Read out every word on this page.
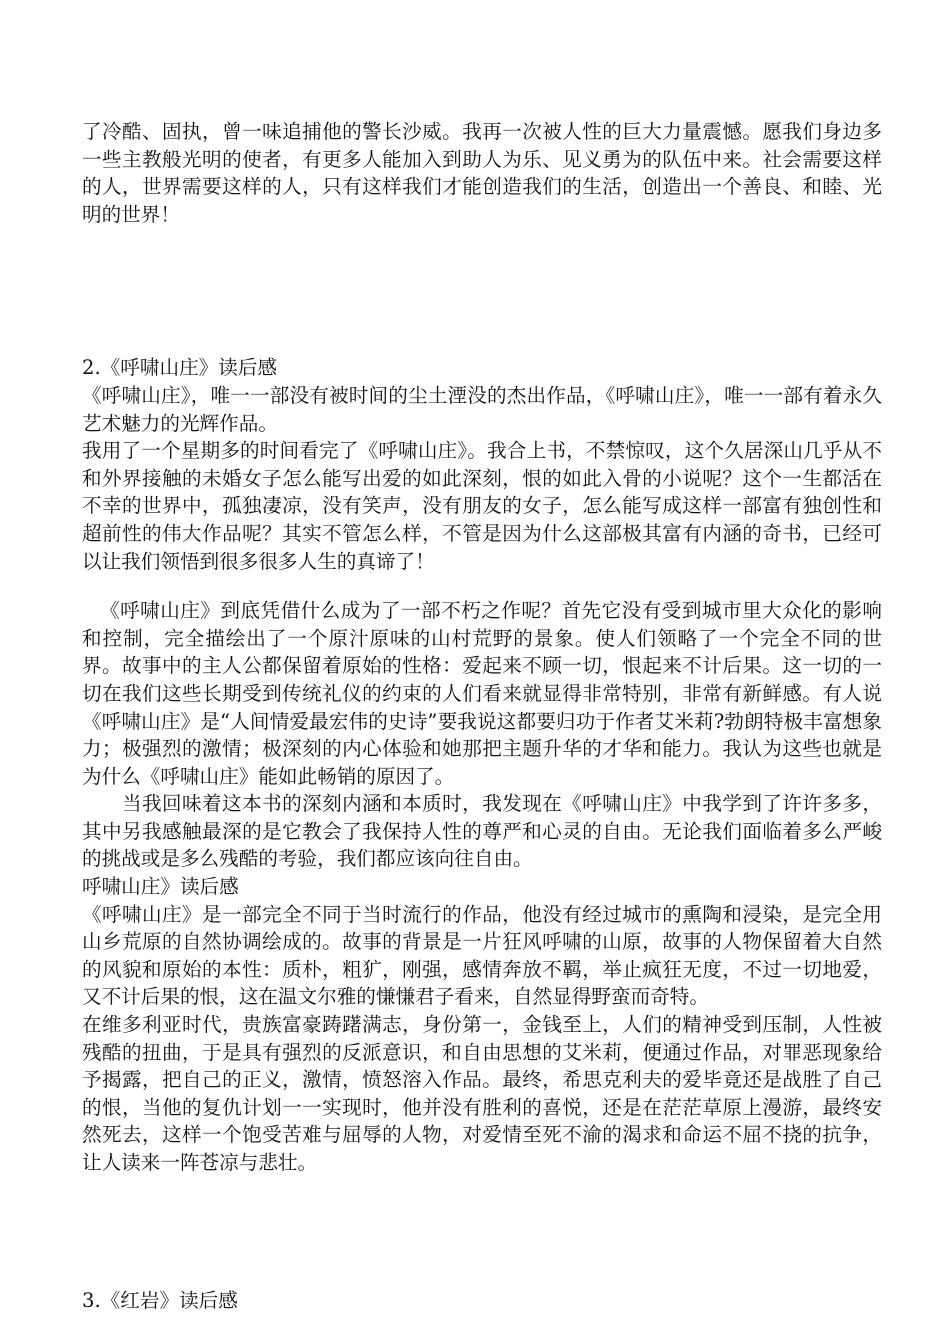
了冷酷、固执，曾一味追捕他的警长沙威。我再一次被人性的巨大力量震憾。愿我们身边多一些主教般光明的使者，有更多人能加入到助人为乐、见义勇为的队伍中来。社会需要这样的人，世界需要这样的人，只有这样我们才能创造我们的生活，创造出一个善良、和睦、光明的世界！

2.《呼啸山庄》读后感

《呼啸山庄》，唯一一部没有被时间的尘土湮没的杰出作品，《呼啸山庄》，唯一一部有着永久艺术魅力的光辉作品。

我用了一个星期多的时间看完了《呼啸山庄》。我合上书，不禁惊叹，这个久居深山几乎从不和外界接触的未婚女子怎么能写出爱的如此深刻，恨的如此入骨的小说呢？这个一生都活在不幸的世界中，孤独凄凉，没有笑声，没有朋友的女子，怎么能写成这样一部富有独创性和超前性的伟大作品呢？其实不管怎么样，不管是因为什么这部极其富有内涵的奇书，已经可以让我们领悟到很多很多人生的真谛了！

《呼啸山庄》到底凭借什么成为了一部不朽之作呢？首先它没有受到城市里大众化的影响和控制，完全描绘出了一个原汁原味的山村荒野的景象。使人们领略了一个完全不同的世界。故事中的主人公都保留着原始的性格：爱起来不顾一切，恨起来不计后果。这一切的一切在我们这些长期受到传统礼仪的约束的人们看来就显得非常特别，非常有新鲜感。有人说《呼啸山庄》是“人间情爱最宏伟的史诗”要我说这都要归功于作者艾米莉?勃朗特极丰富想象力；极强烈的激情；极深刻的内心体验和她那把主题升华的才华和能力。我认为这些也就是为什么《呼啸山庄》能如此畅销的原因了。

当我回味着这本书的深刻内涵和本质时，我发现在《呼啸山庄》中我学到了许许多多，其中另我感触最深的是它教会了我保持人性的尊严和心灵的自由。无论我们面临着多么严峻的挑战或是多么残酷的考验，我们都应该向往自由。

呼啸山庄》读后感

《呼啸山庄》是一部完全不同于当时流行的作品，他没有经过城市的熏陶和浸染，是完全用山乡荒原的自然协调绘成的。故事的背景是一片狂风呼啸的山原，故事的人物保留着大自然的风貌和原始的本性：质朴，粗犷，刚强，感情奔放不羁，举止疯狂无度，不过一切地爱，又不计后果的恨，这在温文尔雅的慊慊君子看来，自然显得野蛮而奇特。

在维多利亚时代，贵族富豪踌躇满志，身份第一，金钱至上，人们的精神受到压制，人性被残酷的扭曲，于是具有强烈的反派意识，和自由思想的艾米莉，便通过作品，对罪恶现象给予揭露，把自己的正义，激情，愤怒溶入作品。最终，希思克利夫的爱毕竟还是战胜了自己的恨，当他的复仇计划一一实现时，他并没有胜利的喜悦，还是在茫茫草原上漫游，最终安然死去，这样一个饱受苦难与屈辱的人物，对爱情至死不渝的渴求和命运不屈不挠的抗争，让人读来一阵苍凉与悲壮。

3.《红岩》读后感
